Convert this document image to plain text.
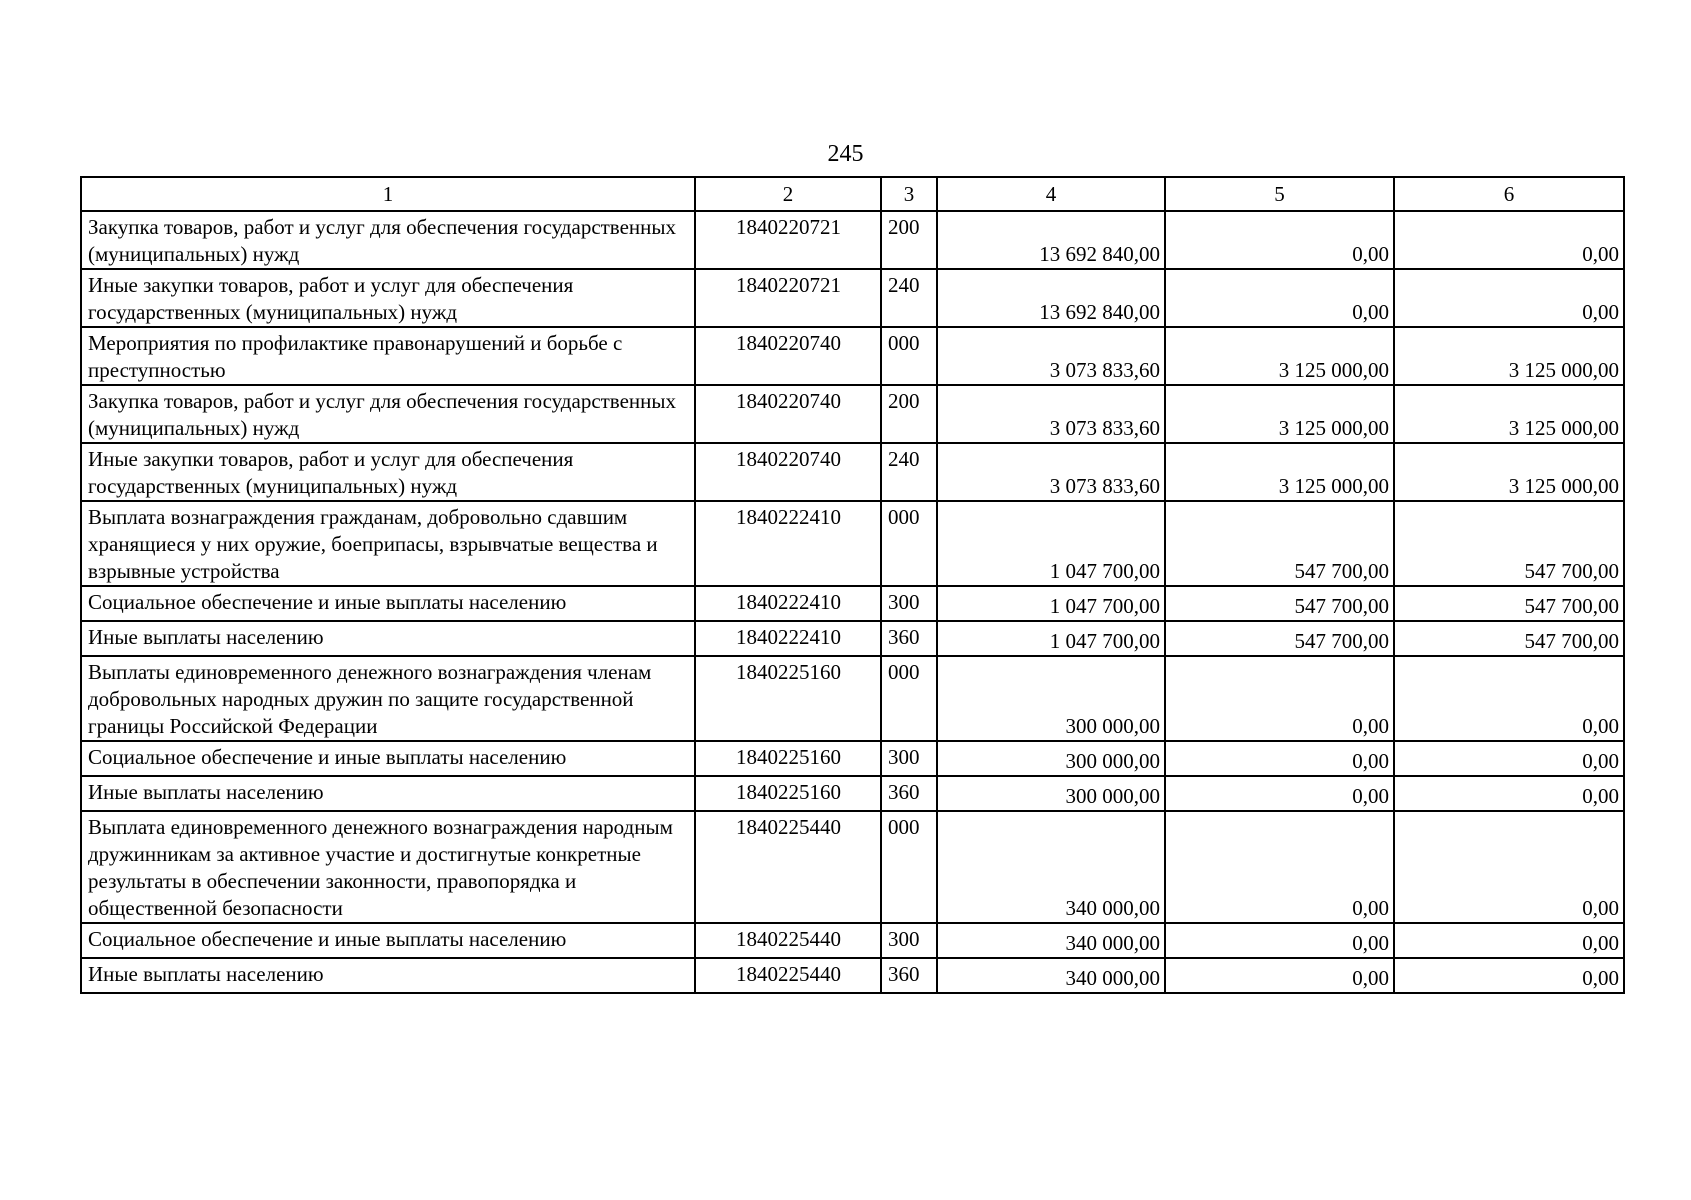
245
1	2	3	4	5	6
Закупка товаров, работ и услуг для обеспечения государственных (муниципальных) нужд	1840220721	200	13 692 840,00	0,00	0,00
Иные закупки товаров, работ и услуг для обеспечения государственных (муниципальных) нужд	1840220721	240	13 692 840,00	0,00	0,00
Мероприятия по профилактике правонарушений и борьбе с преступностью	1840220740	000	3 073 833,60	3 125 000,00	3 125 000,00
Закупка товаров, работ и услуг для обеспечения государственных (муниципальных) нужд	1840220740	200	3 073 833,60	3 125 000,00	3 125 000,00
Иные закупки товаров, работ и услуг для обеспечения государственных (муниципальных) нужд	1840220740	240	3 073 833,60	3 125 000,00	3 125 000,00
Выплата вознаграждения гражданам, добровольно сдавшим хранящиеся у них оружие, боеприпасы, взрывчатые вещества и взрывные устройства	1840222410	000	1 047 700,00	547 700,00	547 700,00
Социальное обеспечение и иные выплаты населению	1840222410	300	1 047 700,00	547 700,00	547 700,00
Иные выплаты населению	1840222410	360	1 047 700,00	547 700,00	547 700,00
Выплаты единовременного денежного вознаграждения членам добровольных народных дружин по защите государственной границы Российской Федерации	1840225160	000	300 000,00	0,00	0,00
Социальное обеспечение и иные выплаты населению	1840225160	300	300 000,00	0,00	0,00
Иные выплаты населению	1840225160	360	300 000,00	0,00	0,00
Выплата единовременного денежного вознаграждения народным дружинникам за активное участие и достигнутые конкретные результаты в обеспечении законности, правопорядка и общественной безопасности	1840225440	000	340 000,00	0,00	0,00
Социальное обеспечение и иные выплаты населению	1840225440	300	340 000,00	0,00	0,00
Иные выплаты населению	1840225440	360	340 000,00	0,00	0,00
